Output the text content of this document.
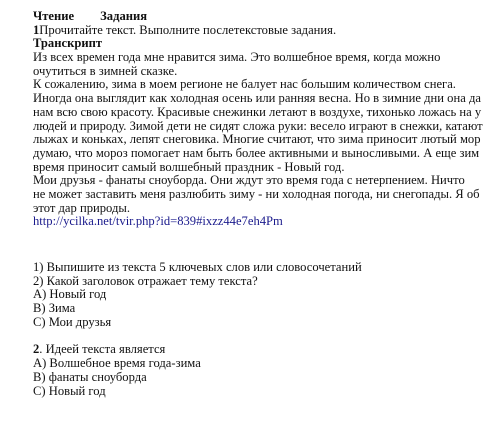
Чтение Задания
1Прочитайте текст. Выполните послетекстовые задания.
Транскрипт
Из всех времен года мне нравится зима. Это волшебное время, когда можно
очутиться в зимней сказке.
К сожалению, зима в моем регионе не балует нас большим количеством снега.
Иногда она выглядит как холодная осень или ранняя весна. Но в зимние дни она да
нам всю свою красоту. Красивые снежинки летают в воздухе, тихонько ложась на у
людей и природу. Зимой дети не сидят сложа руки: весело играют в снежки, катают
лыжах и коньках, лепят снеговика. Многие считают, что зима приносит лютый мор
думаю, что мороз помогает нам быть более активными и выносливыми. А еще зим
время приносит самый волшебный праздник - Новый год.
Мои друзья - фанаты сноуборда. Они ждут это время года с нетерпением. Ничто
не может заставить меня разлюбить зиму - ни холодная погода, ни снегопады. Я об
этот дар природы.
http://ycilka.net/tvir.php?id=839#ixzz44e7eh4Pm
1) Выпишите из текста 5 ключевых слов или словосочетаний
2) Какой заголовок отражает тему текста?
A) Новый год
B) Зима
C) Мои друзья
2. Идеей текста является
A) Волшебное время года-зима
B) фанаты сноуборда
C) Новый год
